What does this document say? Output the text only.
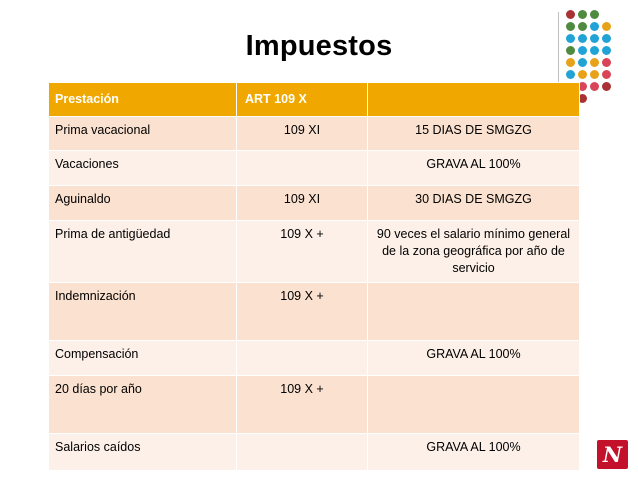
Impuestos
Prestación	ART 109 X	
Prima vacacional	109 XI	15 DIAS DE SMGZG
Vacaciones		GRAVA AL 100%
Aguinaldo	109 XI	30 DIAS DE SMGZG
Prima de antigüedad	109 X +	90 veces el salario mínimo general de la zona geográfica por año de servicio
Indemnización	109 X +	
Compensación		GRAVA AL 100%
20 días por año	109 X +	
Salarios caídos		GRAVA AL 100%	N
